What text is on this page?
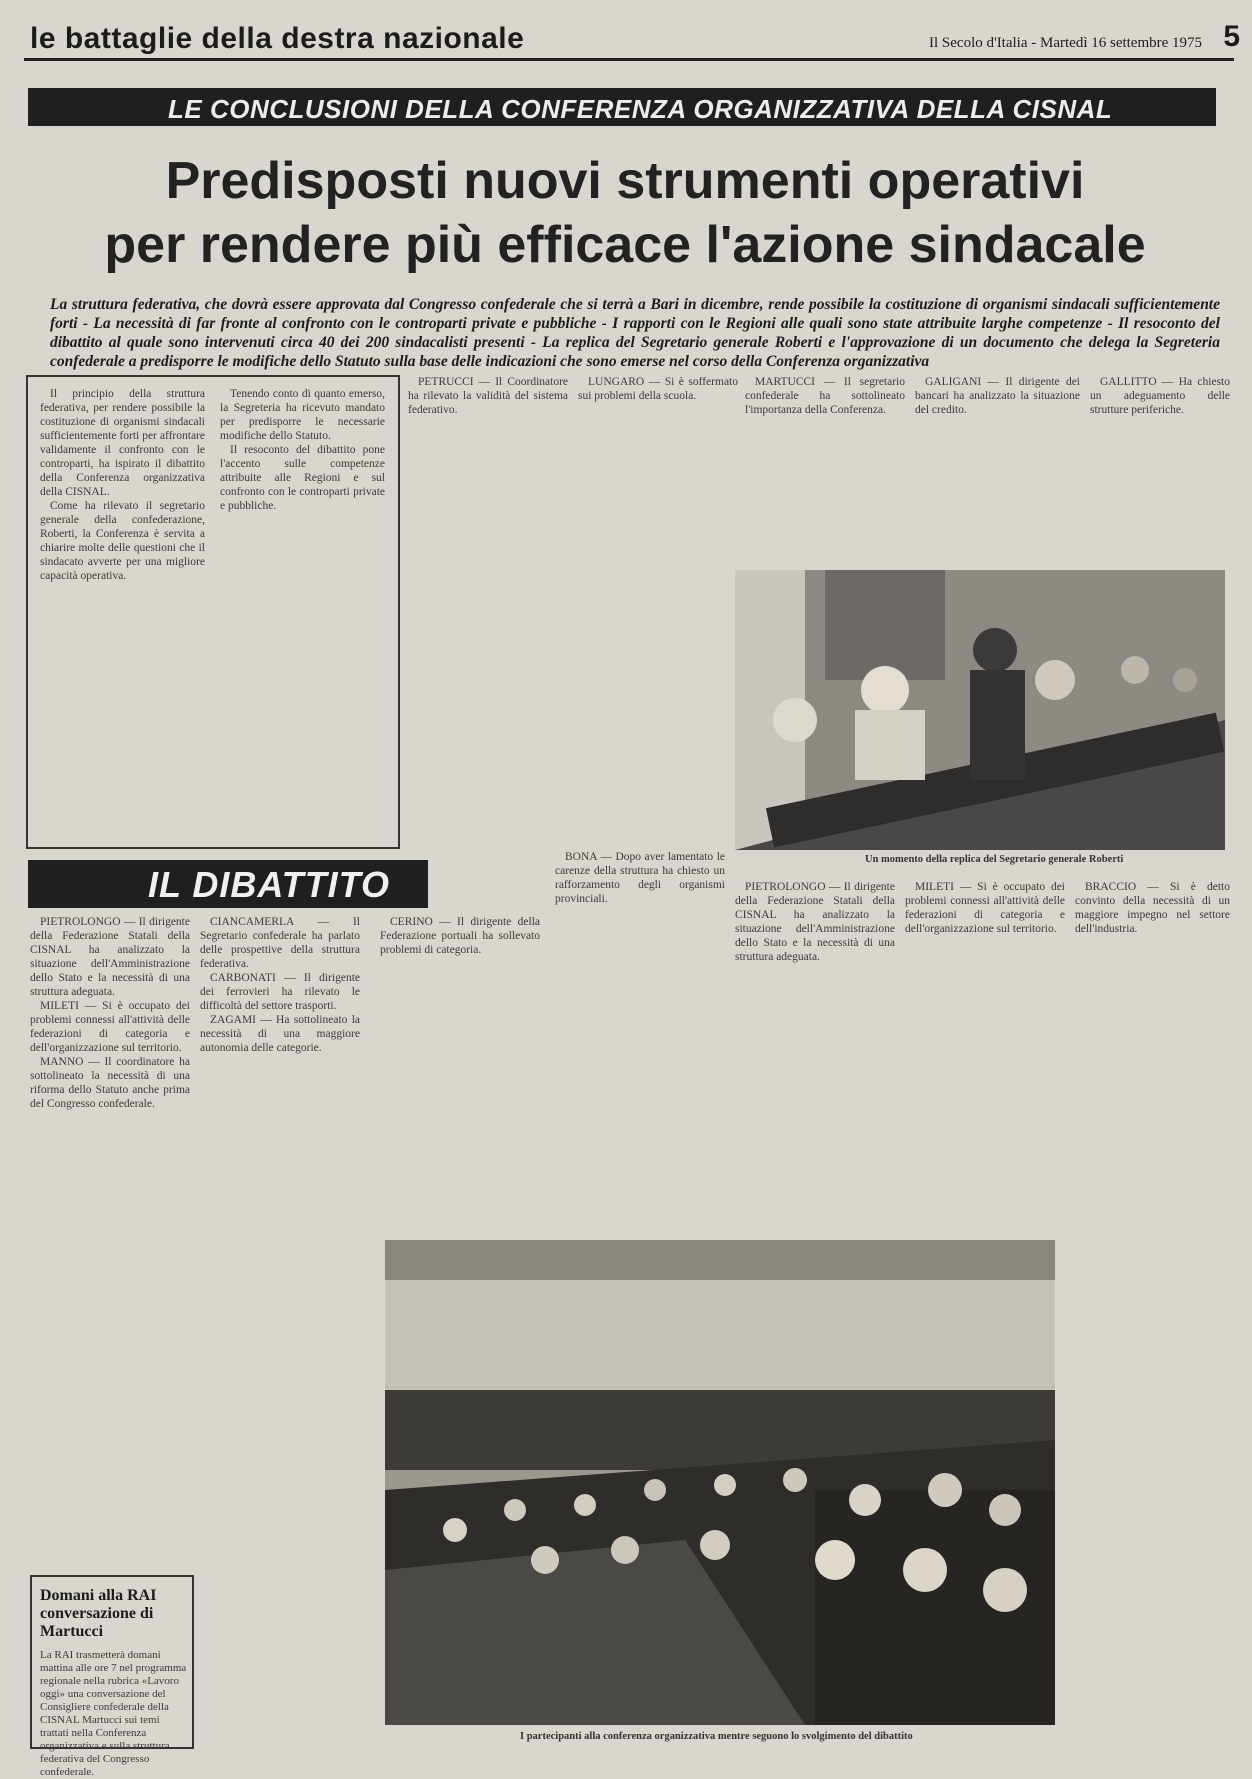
le battaglie della destra nazionale	Il Secolo d'Italia - Martedì 16 settembre 1975 5
LE CONCLUSIONI DELLA CONFERENZA ORGANIZZATIVA DELLA CISNAL
Predisposti nuovi strumenti operativi
per rendere più efficace l'azione sindacale
La struttura federativa, che dovrà essere approvata dal Congresso confederale che si terrà a Bari in dicembre, rende possibile la costituzione di organismi sindacali sufficientemente forti - La necessità di far fronte al confronto con le controparti private e pubbliche - I rapporti con le Regioni alle quali sono state attribuite larghe competenze - Il resoconto del dibattito al quale sono intervenuti circa 40 dei 200 sindacalisti presenti - La replica del Segretario generale Roberti e l'approvazione di un documento che delega la Segreteria confederale a predisporre le modifiche dello Statuto sulla base delle indicazioni che sono emerse nel corso della Conferenza organizzativa

Il principio della struttura federativa, per rendere possibile la costituzione di organismi sindacali sufficientemente forti per affrontare validamente il confronto con le controparti, ha ispirato il dibattito della Conferenza organizzativa della CISNAL.

Come ha rilevato il segretario generale della confederazione, Roberti, la Conferenza è servita a chiarire molte delle questioni che il sindacato avverte per una migliore capacità operativa.

Tenendo conto di quanto emerso, la Segreteria ha ricevuto mandato per predisporre le necessarie modifiche dello Statuto.

Il resoconto del dibattito pone l'accento sulle competenze attribuite alle Regioni e sul confronto con le controparti private e pubbliche.

PETRUCCI — Il Coordinatore ha rilevato la validità del sistema federativo.

LUNGARO — Si è soffermato sui problemi della scuola.

MARTUCCI — Il segretario confederale ha sottolineato l'importanza della Conferenza.

GALIGANI — Il dirigente dei bancari ha analizzato la situazione del credito.

GALLITTO — Ha chiesto un adeguamento delle strutture periferiche.

Un momento della replica del Segretario generale Roberti
IL DIBATTITO

PIETROLONGO — Il dirigente della Federazione Statali della CISNAL ha analizzato la situazione dell'Amministrazione dello Stato e la necessità di una struttura adeguata.

MILETI — Si è occupato dei problemi connessi all'attività delle federazioni di categoria e dell'organizzazione sul territorio.

MANNO — Il coordinatore ha sottolineato la necessità di una riforma dello Statuto anche prima del Congresso confederale.

CIANCAMERLA — Il Segretario confederale ha parlato delle prospettive della struttura federativa.

CARBONATI — Il dirigente dei ferrovieri ha rilevato le difficoltà del settore trasporti.

ZAGAMI — Ha sottolineato la necessità di una maggiore autonomia delle categorie.

CERINO — Il dirigente della Federazione portuali ha sollevato problemi di categoria.

BONA — Dopo aver lamentato le carenze della struttura ha chiesto un rafforzamento degli organismi provinciali.

PIETROLONGO — Il dirigente della Federazione Statali della CISNAL ha analizzato la situazione dell'Amministrazione dello Stato e la necessità di una struttura adeguata.

MILETI — Si è occupato dei problemi connessi all'attività delle federazioni di categoria e dell'organizzazione sul territorio.

BRACCIO — Si è detto convinto della necessità di un maggiore impegno nel settore dell'industria.

I partecipanti alla conferenza organizzativa mentre seguono lo svolgimento del dibattito
Domani alla RAI conversazione di Martucci
La RAI trasmetterà domani mattina alle ore 7 nel programma regionale nella rubrica «Lavoro oggi» una conversazione del Consigliere confederale della CISNAL Martucci sui temi trattati nella Conferenza organizzativa e sulla struttura federativa del Congresso confederale.
